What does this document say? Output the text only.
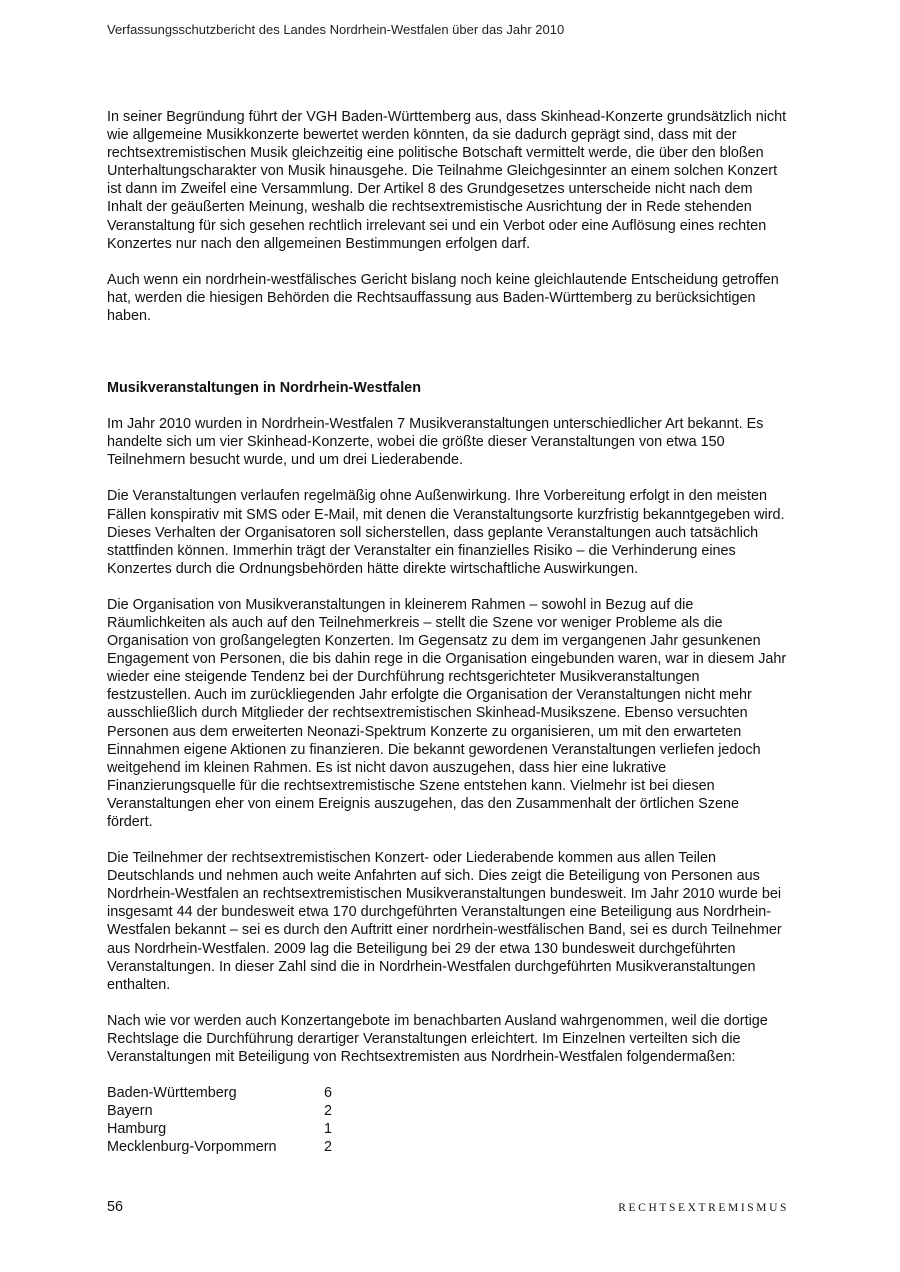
Verfassungsschutzbericht des Landes Nordrhein-Westfalen über das Jahr 2010

In seiner Begründung führt der VGH Baden-Württemberg aus, dass Skinhead-Konzerte grundsätzlich nicht wie allgemeine Musikkonzerte bewertet werden könnten, da sie dadurch geprägt sind, dass mit der rechtsextremistischen Musik gleichzeitig eine politische Botschaft vermittelt werde, die über den bloßen Unterhaltungscharakter von Musik hinausgehe. Die Teilnahme Gleichgesinnter an einem solchen Konzert ist dann im Zweifel eine Versammlung. Der Artikel 8 des Grundgesetzes unterscheide nicht nach dem Inhalt der geäußerten Meinung, weshalb die rechtsextremistische Ausrichtung der in Rede stehenden Veranstaltung für sich gesehen rechtlich irrelevant sei und ein Verbot oder eine Auflösung eines rechten Konzertes nur nach den allgemeinen Bestimmungen erfolgen darf.

Auch wenn ein nordrhein-westfälisches Gericht bislang noch keine gleichlautende Entscheidung getroffen hat, werden die hiesigen Behörden die Rechtsauffassung aus Baden-Württemberg zu berücksichtigen haben.

Musikveranstaltungen in Nordrhein-Westfalen

Im Jahr 2010 wurden in Nordrhein-Westfalen 7 Musikveranstaltungen unterschiedlicher Art bekannt. Es handelte sich um vier Skinhead-Konzerte, wobei die größte dieser Veranstaltungen von etwa 150 Teilnehmern besucht wurde, und um drei Liederabende.

Die Veranstaltungen verlaufen regelmäßig ohne Außenwirkung. Ihre Vorbereitung erfolgt in den meisten Fällen konspirativ mit SMS oder E-Mail, mit denen die Veranstaltungsorte kurzfristig bekanntgegeben wird. Dieses Verhalten der Organisatoren soll sicherstellen, dass geplante Veranstaltungen auch tatsächlich stattfinden können. Immerhin trägt der Veranstalter ein finanzielles Risiko – die Verhinderung eines Konzertes durch die Ordnungsbehörden hätte direkte wirtschaftliche Auswirkungen.

Die Organisation von Musikveranstaltungen in kleinerem Rahmen – sowohl in Bezug auf die Räumlichkeiten als auch auf den Teilnehmerkreis – stellt die Szene vor weniger Probleme als die Organisation von großangelegten Konzerten. Im Gegensatz zu dem im vergangenen Jahr gesunkenen Engagement von Personen, die bis dahin rege in die Organisation eingebunden waren, war in diesem Jahr wieder eine steigende Tendenz bei der Durchführung rechtsgerichteter Musikveranstaltungen festzustellen. Auch im zurückliegenden Jahr erfolgte die Organisation der Veranstaltungen nicht mehr ausschließlich durch Mitglieder der rechtsextremistischen Skinhead-Musikszene. Ebenso versuchten Personen aus dem erweiterten Neonazi-Spektrum Konzerte zu organisieren, um mit den erwarteten Einnahmen eigene Aktionen zu finanzieren. Die bekannt gewordenen Veranstaltungen verliefen jedoch weitgehend im kleinen Rahmen. Es ist nicht davon auszugehen, dass hier eine lukrative Finanzierungsquelle für die rechtsextremistische Szene entstehen kann. Vielmehr ist bei diesen Veranstaltungen eher von einem Ereignis auszugehen, das den Zusammenhalt der örtlichen Szene fördert.

Die Teilnehmer der rechtsextremistischen Konzert- oder Liederabende kommen aus allen Teilen Deutschlands und nehmen auch weite Anfahrten auf sich. Dies zeigt die Beteiligung von Personen aus Nordrhein-Westfalen an rechtsextremistischen Musikveranstaltungen bundesweit. Im Jahr 2010 wurde bei insgesamt 44 der bundesweit etwa 170 durchgeführten Veranstaltungen eine Beteiligung aus Nordrhein-Westfalen bekannt – sei es durch den Auftritt einer nordrhein-westfälischen Band, sei es durch Teilnehmer aus Nordrhein-Westfalen. 2009 lag die Beteiligung bei 29 der etwa 130 bundesweit durchgeführten Veranstaltungen. In dieser Zahl sind die in Nordrhein-Westfalen durchgeführten Musikveranstaltungen enthalten.

Nach wie vor werden auch Konzertangebote im benachbarten Ausland wahrgenommen, weil die dortige Rechtslage die Durchführung derartiger Veranstaltungen erleichtert. Im Einzelnen verteilten sich die Veranstaltungen mit Beteiligung von Rechtsextremisten aus Nordrhein-Westfalen folgendermaßen:

Baden-Württemberg	6
Bayern	2
Hamburg	1
Mecklenburg-Vorpommern	2
56	RECHTSEXTREMISMUS
